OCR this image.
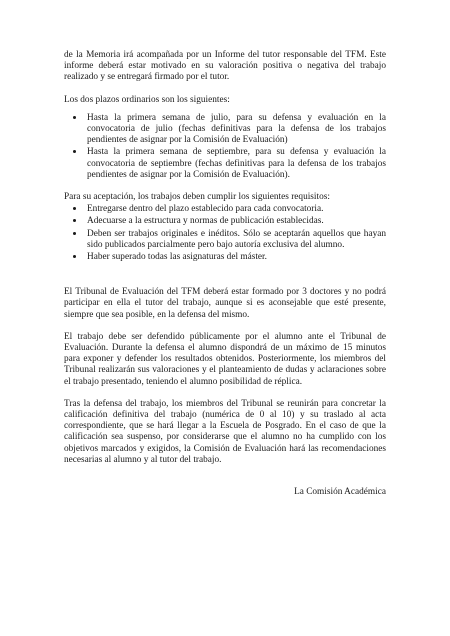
de la Memoria irá acompañada por un Informe del tutor responsable del TFM. Este informe deberá estar motivado en su valoración positiva o negativa del trabajo realizado y se entregará firmado por el tutor.

Los dos plazos ordinarios son los siguientes:

• Hasta la primera semana de julio, para su defensa y evaluación en la convocatoria de julio (fechas definitivas para la defensa de los trabajos pendientes de asignar por la Comisión de Evaluación)
• Hasta la primera semana de septiembre, para su defensa y evaluación la convocatoria de septiembre (fechas definitivas para la defensa de los trabajos pendientes de asignar por la Comisión de Evaluación).

Para su aceptación, los trabajos deben cumplir los siguientes requisitos:

• Entregarse dentro del plazo establecido para cada convocatoria.
• Adecuarse a la estructura y normas de publicación establecidas.
• Deben ser trabajos originales e inéditos. Sólo se aceptarán aquellos que hayan sido publicados parcialmente pero bajo autoría exclusiva del alumno.
• Haber superado todas las asignaturas del máster.

El Tribunal de Evaluación del TFM deberá estar formado por 3 doctores y no podrá participar en ella el tutor del trabajo, aunque si es aconsejable que esté presente, siempre que sea posible, en la defensa del mismo.

El trabajo debe ser defendido públicamente por el alumno ante el Tribunal de Evaluación. Durante la defensa el alumno dispondrá de un máximo de 15 minutos para exponer y defender los resultados obtenidos. Posteriormente, los miembros del Tribunal realizarán sus valoraciones y el planteamiento de dudas y aclaraciones sobre el trabajo presentado, teniendo el alumno posibilidad de réplica.

Tras la defensa del trabajo, los miembros del Tribunal se reunirán para concretar la calificación definitiva del trabajo (numérica de 0 al 10) y su traslado al acta correspondiente, que se hará llegar a la Escuela de Posgrado. En el caso de que la calificación sea suspenso, por considerarse que el alumno no ha cumplido con los objetivos marcados y exigidos, la Comisión de Evaluación hará las recomendaciones necesarias al alumno y al tutor del trabajo.

La Comisión Académica
